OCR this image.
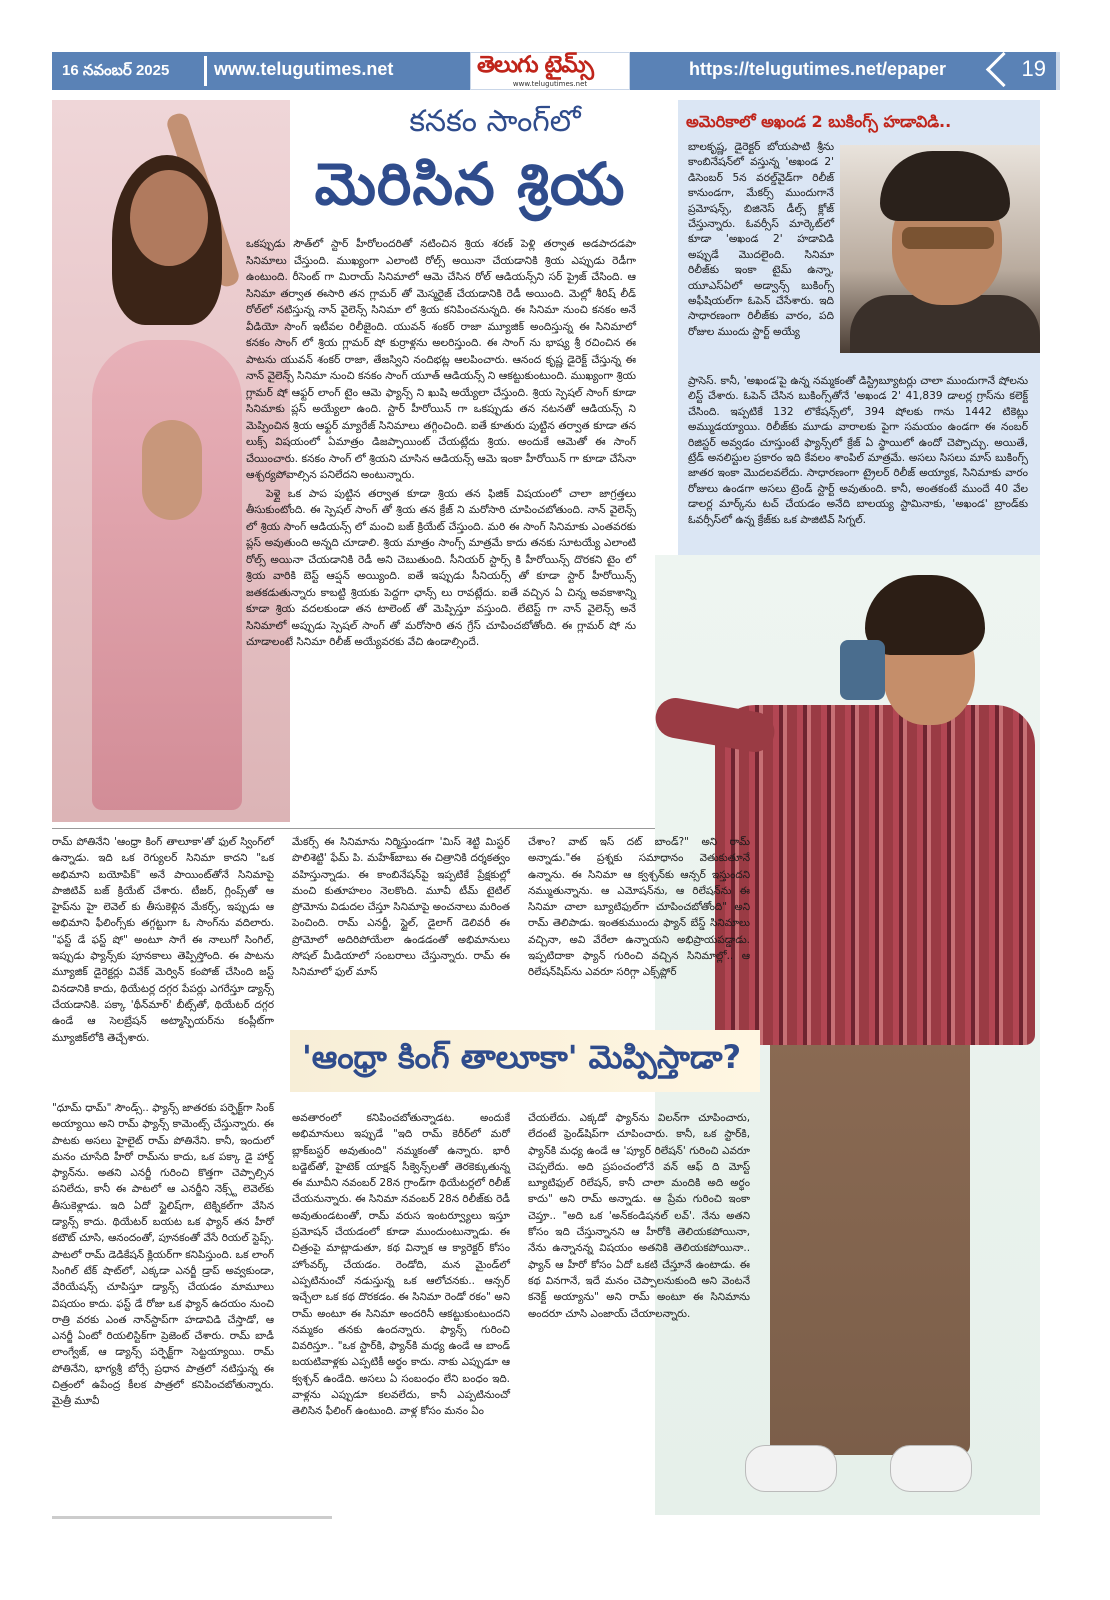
16 నవంబర్ 2025 www.telugutimes.net	తెలుగు టైమ్స్
www.telugutimes.net
https://telugutimes.net/epaper	19
కనకం సాంగ్‌లో
మెరిసిన శ్రియ
అమెరికాలో అఖండ 2 బుకింగ్స్ హడావిడి..
బాలకృష్ణ, డైరెక్టర్ బోయపాటి శ్రీను కాంబినేషన్‌లో వస్తున్న 'అఖండ 2' డిసెంబర్ 5న వరల్డ్‌వైడ్‌గా రిలీజ్ కానుండగా, మేకర్స్ ముందుగానే ప్రమోషన్స్, బిజినెస్ డీల్స్ క్లోజ్ చేస్తున్నారు. ఓవర్సీస్ మార్కెట్‌లో కూడా 'అఖండ 2' హడావిడి అప్పుడే మొదలైంది. సినిమా రిలీజ్‌కు ఇంకా టైమ్ ఉన్నా, యూఎస్ఏలో అడ్వాన్స్ బుకింగ్స్ అఫీషియల్‌గా ఓపెన్ చేసేశారు. ఇది సాధారణంగా రిలీజ్‌కు వారం, పది రోజుల ముందు స్టార్ట్ అయ్యే
ప్రాసెస్. కానీ, 'అఖండ'పై ఉన్న నమ్మకంతో డిస్ట్రిబ్యూటర్లు చాలా ముందుగానే షోలను లిస్ట్ చేశారు. ఓపెన్ చేసిన బుకింగ్స్‌తోనే 'అఖండ 2' 41,839 డాలర్ల గ్రాస్‌ను కలెక్ట్ చేసింది. ఇప్పటికే 132 లొకేషన్స్‌లో, 394 షోలకు గాను 1442 టికెట్లు అమ్ముడయ్యాయి. రిలీజ్‌కు మూడు వారాలకు పైగా సమయం ఉండగా ఈ నంబర్ రిజిస్టర్ అవ్వడం చూస్తుంటే ఫ్యాన్స్‌లో క్రేజ్ ఏ స్థాయిలో ఉందో చెప్పొచ్చు. అయితే, ట్రేడ్ అనలిస్టుల ప్రకారం ఇది కేవలం శాంపిల్ మాత్రమే. అసలు సిసలు మాస్ బుకింగ్స్ జాతర ఇంకా మొదలవలేదు. సాధారణంగా ట్రైలర్ రిలీజ్ అయ్యాక, సినిమాకు వారం రోజులు ఉండగా అసలు ట్రెండ్ స్టార్ట్ అవుతుంది. కానీ, అంతకంటే ముందే 40 వేల డాలర్ల మార్క్‌ను టచ్ చేయడం అనేది బాలయ్య స్టామినాకు, 'అఖండ' బ్రాండ్‌కు ఓవర్సీస్‌లో ఉన్న క్రేజ్‌కు ఒక పాజిటివ్ సిగ్నల్.
ఒకప్పుడు సౌత్‌లో స్టార్ హీరోలందరితో నటించిన శ్రియ శరణ్ పెళ్లి తర్వాత అడపాదడపా సినిమాలు చేస్తుంది. ముఖ్యంగా ఎలాంటి రోల్స్ అయినా చేయడానికి శ్రియ ఎప్పుడు రెడీగా ఉంటుంది. రీసెంట్ గా మిరాయ్ సినిమాలో ఆమె చేసిన రోల్ ఆడియన్స్‌ని సర్ ప్రైజ్ చేసింది. ఆ సినిమా తర్వాత ఈసారి తన గ్లామర్ తో మెస్మరైజ్ చేయడానికి రెడీ అయింది. మెల్లో శీరిష్ లీడ్ రోల్‌లో నటిస్తున్న నాన్ వైలెన్స్ సినిమా లో శ్రియ కనిపించనున్నది. ఈ సినిమా నుంచి కనకం అనే వీడియో సాంగ్ ఇటీవల రిలీజైంది. యువన్ శంకర్ రాజా మ్యూజిక్ అందిస్తున్న ఈ సినిమాలో కనకం సాంగ్ లో శ్రియ గ్లామర్ షో కుర్రాళ్లను అలరిస్తుంది. ఈ సాంగ్ ను భాష్య శ్రీ రచించిన ఈ పాటను యువన్ శంకర్ రాజా, తేజస్విని నందిభట్ల ఆలపించారు. ఆనంద కృష్ణ డైరెక్ట్ చేస్తున్న ఈ నాన్ వైలెన్స్ సినిమా నుంచి కనకం సాంగ్ యూత్ ఆడియన్స్ ని ఆకట్టుకుంటుంది. ముఖ్యంగా శ్రియ గ్లామర్ షో ఆఫ్టర్ లాంగ్ టైం ఆమె ఫ్యాన్స్ ని ఖుషి అయ్యేలా చేస్తుంది. శ్రియ స్పెషల్ సాంగ్ కూడా సినిమాకు ప్లస్ అయ్యేలా ఉంది. స్టార్ హీరోయిన్ గా ఒకప్పుడు తన నటనతో ఆడియన్స్ ని మెప్పించిన శ్రియ ఆఫ్టర్ మ్యారేజ్ సినిమాలు తగ్గించింది. ఐతే కూతురు పుట్టిన తర్వాత కూడా తన లుక్స్ విషయంలో ఏమాత్రం డిజప్పాయింట్ చేయట్లేదు శ్రియ. అందుకే ఆమెతో ఈ సాంగ్ చేయించారు. కనకం సాంగ్ లో శ్రియని చూసిన ఆడియన్స్ ఆమె ఇంకా హీరోయిన్ గా కూడా చేసేనా ఆశ్చర్యపోవాల్సిన పనిలేదని అంటున్నారు.
పెళ్లై ఒక పాప పుట్టిన తర్వాత కూడా శ్రియ తన ఫిజిక్ విషయంలో చాలా జాగ్రత్తలు తీసుకుంటోంది. ఈ స్పెషల్ సాంగ్ తో శ్రియ తన క్రేజ్ ని మరోసారి చూపించబోతుంది. నాన్ వైలెన్స్ లో శ్రియ సాంగ్ ఆడియన్స్ లో మంచి బజ్ క్రియేట్ చేస్తుంది. మరి ఈ సాంగ్ సినిమాకు ఎంతవరకు ప్లస్ అవుతుంది అన్నది చూడాలి. శ్రియ మాత్రం సాంగ్స్ మాత్రమే కాదు తనకు సూటయ్యే ఎలాంటి రోల్స్ అయినా చేయడానికి రెడీ అని చెబుతుంది. సీనియర్ స్టార్స్ కి హీరోయిన్స్ దొరకని టైం లో శ్రియ వారికి బెస్ట్ ఆప్షన్ అయ్యింది. ఐతే ఇప్పుడు సీనియర్స్ తో కూడా స్టార్ హీరోయిన్స్ జతకడుతున్నారు కాబట్టి శ్రియకు పెద్దగా ఛాన్స్ లు రావట్లేదు. ఐతే వచ్చిన ఏ చిన్న అవకాశాన్ని కూడా శ్రియ వదలకుండా తన టాలెంట్ తో మెప్పిస్తూ వస్తుంది. లేటెస్ట్ గా నాన్ వైలెన్స్ అనే సినిమాలో అప్పుడు స్పెషల్ సాంగ్ తో మరోసారి తన గ్రేస్ చూపించబోతోంది. ఈ గ్లామర్ షో ను చూడాలంటే సినిమా రిలీజ్ అయ్యేవరకు వేచి ఉండాల్సిందే.
రామ్ పోతినేని 'ఆంధ్రా కింగ్ తాలూకా'తో ఫుల్ స్వింగ్‌లో ఉన్నాడు. ఇది ఒక రెగ్యులర్ సినిమా కాదని "ఒక అభిమాని బయోపిక్" అనే పాయింట్‌తోనే సినిమాపై పాజిటివ్ బజ్ క్రియేట్ చేశారు. టీజర్, గ్లింప్స్‌తో ఆ హైప్‌ను హై లెవెల్ కు తీసుకెళ్లిన మేకర్స్, ఇప్పుడు ఆ అభిమాని ఫీలింగ్స్‌కు తగ్గట్టుగా ఓ సాంగ్‌ను వదిలారు. "ఫస్ట్ డే ఫస్ట్ షో" అంటూ సాగే ఈ నాలుగో సింగిల్, ఇప్పుడు ఫ్యాన్స్‌కు పూనకాలు తెప్పిస్తోంది. ఈ పాటను మ్యూజిక్ డైరెక్టర్లు వివేక్ మెర్విన్ కంపోజ్ చేసింది జస్ట్ వినడానికి కాదు, థియేటర్ల దగ్గర పేపర్లు ఎగరేస్తూ డ్యాన్స్ చేయడానికి. పక్కా 'థీన్‌మార్' బీట్స్‌తో, థియేటర్ దగ్గర ఉండే ఆ సెలబ్రేషన్ అట్మాస్ఫియర్‌ను కంప్లీట్‌గా మ్యూజిక్‌లోకి తెచ్చేశారు.
మేకర్స్ ఈ సినిమాను నిర్మిస్తుండగా 'మిస్ శెట్టి మిస్టర్ పొలిశెట్టి' ఫేమ్ పి. మహేశ్‌బాబు ఈ చిత్రానికి దర్శకత్వం వహిస్తున్నాడు. ఈ కాంబినేషన్‌పై ఇప్పటికే ప్రేక్షకుల్లో మంచి కుతూహలం నెలకొంది. మూవీ టీమ్ టైటిల్ ప్రోమోను విడుదల చేస్తూ సినిమాపై అంచనాలు మరింత పెంచింది. రామ్ ఎనర్జీ, స్టైల్, డైలాగ్ డెలివరీ ఈ ప్రోమోలో అదిరిపోయేలా ఉండడంతో అభిమానులు సోషల్ మీడియాలో సంబరాలు చేస్తున్నారు. రామ్ ఈ సినిమాలో ఫుల్ మాస్
చేశాం? వాట్ ఇస్ దట్ బాండ్?" అని రామ్ అన్నాడు."ఈ ప్రశ్నకు సమాధానం వెతుకుతూనే ఉన్నాను. ఈ సినిమా ఆ క్వశ్చన్‌కు ఆన్సర్ ఇస్తుందని నమ్ముతున్నాను. ఆ ఎమోషన్‌ను, ఆ రిలేషన్‌ను ఈ సినిమా చాలా బ్యూటిఫుల్‌గా చూపించబోతోంది" అని రామ్ తెలిపాడు. ఇంతకుముందు ఫ్యాన్ బేస్డ్ సినిమాలు వచ్చినా, అవి వేరేలా ఉన్నాయని అభిప్రాయపడ్డాడు. ఇప్పటిదాకా ఫ్యాన్ గురించి వచ్చిన సినిమాల్లో.. ఆ రిలేషన్‌షిప్‌ను ఎవరూ సరిగ్గా ఎక్స్‌ప్లోర్
'ఆంధ్రా కింగ్ తాలూకా' మెప్పిస్తాడా?
"ధూమ్ ధామ్" సౌండ్స్.. ఫ్యాన్స్ జాతరకు పర్ఫెక్ట్‌గా సింక్ అయ్యాయి అని రామ్ ఫ్యాన్స్ కామెంట్స్ చేస్తున్నారు. ఈ పాటకు అసలు హైలైట్ రామ్ పోతినేని. కానీ, ఇందులో మనం చూసేది హీరో రామ్‌ను కాదు, ఒక పక్కా డై హార్డ్ ఫ్యాన్‌ను. అతని ఎనర్జీ గురించి కొత్తగా చెప్పాల్సిన పనిలేదు, కానీ ఈ పాటలో ఆ ఎనర్జీని నెక్స్ట్ లెవెల్‌కు తీసుకెళ్లాడు. ఇది ఏదో స్టైలిష్‌గా, టెక్నికల్‌గా వేసిన డ్యాన్స్ కాదు. థియేటర్ బయట ఒక ఫ్యాన్ తన హీరో కటౌట్ చూసి, ఆనందంతో, పూనకంతో వేసే రియల్ స్టెప్స్. పాటలో రామ్ డెడికేషన్ క్లియర్‌గా కనిపిస్తుంది. ఒక లాంగ్ సింగిల్ టేక్ షాట్‌లో, ఎక్కడా ఎనర్జీ డ్రాప్ అవ్వకుండా, వేరియేషన్స్ చూపిస్తూ డ్యాన్స్ చేయడం మామూలు విషయం కాదు. ఫస్ట్ డే రోజు ఒక ఫ్యాన్ ఉదయం నుంచి రాత్రి వరకు ఎంత నాన్‌స్టాప్‌గా హడావిడి చేస్తాడో, ఆ ఎనర్జీ ఏంటో రియలిస్టిక్‌గా ప్రెజెంట్ చేశారు. రామ్ బాడీ లాంగ్వేజ్, ఆ డ్యాన్స్ పర్ఫెక్ట్‌గా సెట్టయ్యాయి. రామ్ పోతినేని, భాగ్యశ్రీ బోర్సే ప్రధాన పాత్రలో నటిస్తున్న ఈ చిత్రంలో ఉపేంద్ర కీలక పాత్రలో కనిపించబోతున్నారు. మైత్రీ మూవీ
అవతారంలో కనిపించబోతున్నాడట. అందుకే అభిమానులు ఇప్పుడే "ఇది రామ్ కెరీర్‌లో మరో బ్లాక్‌బస్టర్ అవుతుంది" నమ్మకంతో ఉన్నారు. భారీ బడ్జెట్‌తో, హైటెక్ యాక్షన్ సీక్వెన్స్‌లతో తెరకెక్కుతున్న ఈ మూవీని నవంబర్ 28న గ్రాండ్‌గా థియేటర్లలో రిలీజ్ చేయనున్నారు. ఈ సినిమా నవంబర్ 28న రిలీజ్‌కు రెడీ అవుతుండటంతో, రామ్ వరుస ఇంటర్వ్యూలు ఇస్తూ ప్రమోషన్ చేయడంలో కూడా ముందుంటున్నాడు. ఈ చిత్రంపై మాట్లాడుతూ, కథ విన్నాక ఆ క్యారెక్టర్ కోసం హోంవర్క్ చేయడం. రెండోది, మన మైండ్‌లో ఎప్పటినుంచో నడుస్తున్న ఒక ఆలోచనకు.. ఆన్సర్ ఇచ్చేలా ఒక కథ దొరకడం. ఈ సినిమా రెండో రకం" అని రామ్ అంటూ ఈ సినిమా అందరినీ ఆకట్టుకుంటుందని నమ్మకం తనకు ఉందన్నారు. ఫ్యాన్స్ గురించి వివరిస్తూ.. "ఒక స్టార్‌కి, ఫ్యాన్‌కి మధ్య ఉండే ఆ బాండ్ బయటివాళ్లకు ఎప్పటికీ అర్థం కాదు. నాకు ఎప్పుడూ ఆ క్వశ్చన్ ఉండేది. అసలు ఏ సంబంధం లేని బంధం ఇది. వాళ్లను ఎప్పుడూ కలవలేదు, కానీ ఎప్పటినుంచో తెలిసిన ఫీలింగ్ ఉంటుంది. వాళ్ల కోసం మనం ఏం
చేయలేదు. ఎక్కడో ఫ్యాన్‌ను విలన్‌గా చూపించారు, లేదంటే ఫ్రెండ్‌షిప్‌గా చూపించారు. కానీ, ఒక స్టార్‌కి, ఫ్యాన్‌కి మధ్య ఉండే ఆ 'ప్యూర్ రిలేషన్' గురించి ఎవరూ చెప్పలేదు. అది ప్రపంచంలోనే వన్ ఆఫ్ ది మోస్ట్ బ్యూటిఫుల్ రిలేషన్, కానీ చాలా మందికి అది అర్థం కాదు" అని రామ్ అన్నాడు. ఆ ప్రేమ గురించి ఇంకా చెప్తూ.. "అది ఒక 'అన్‌కండిషనల్ లవ్'. నేను అతని కోసం ఇది చేస్తున్నానని ఆ హీరోకి తెలియకపోయినా, నేను ఉన్నానన్న విషయం అతనికి తెలియకపోయినా.. ఫ్యాన్ ఆ హీరో కోసం ఏదో ఒకటి చేస్తూనే ఉంటాడు. ఈ కథ వినగానే, ఇదే మనం చెప్పాలనుకుంది అని వెంటనే కనెక్ట్ అయ్యాను" అని రామ్ అంటూ ఈ సినిమాను అందరూ చూసి ఎంజాయ్ చేయాలన్నారు.
